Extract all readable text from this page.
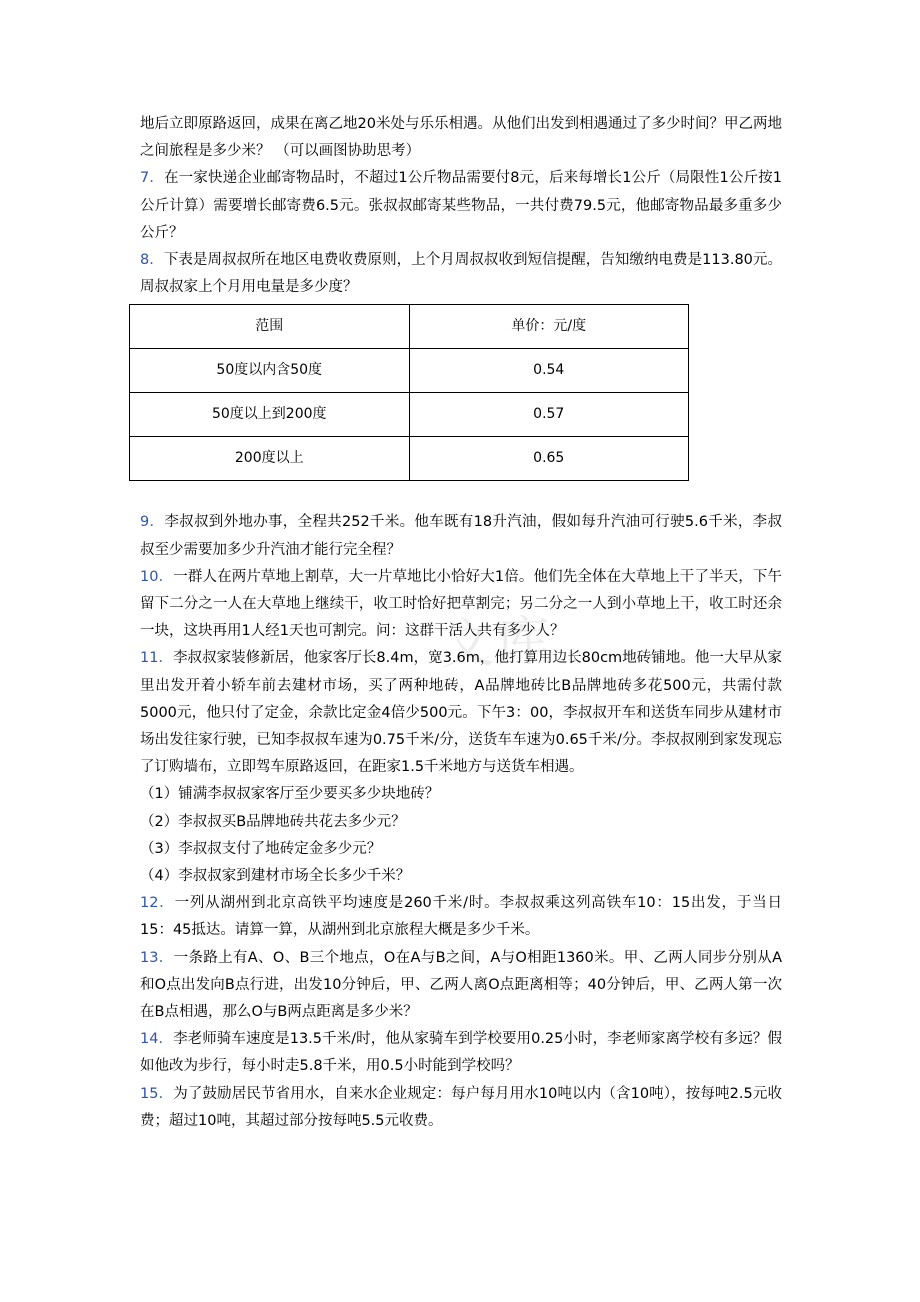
文库

地后立即原路返回，成果在离乙地20米处与乐乐相遇。从他们出发到相遇通过了多少时间？甲乙两地之间旅程是多少米？ （可以画图协助思考）

7．在一家快递企业邮寄物品时，不超过1公斤物品需要付8元，后来每增长1公斤（局限性1公斤按1公斤计算）需要增长邮寄费6.5元。张叔叔邮寄某些物品，一共付费79.5元，他邮寄物品最多重多少公斤？

8．下表是周叔叔所在地区电费收费原则，上个月周叔叔收到短信提醒，告知缴纳电费是113.80元。周叔叔家上个月用电量是多少度？

范围	单价：元/度
50度以内含50度	0.54
50度以上到200度	0.57
200度以上	0.65

9．李叔叔到外地办事，全程共252千米。他车既有18升汽油，假如每升汽油可行驶5.6千米，李叔叔至少需要加多少升汽油才能行完全程？

10．一群人在两片草地上割草，大一片草地比小恰好大1倍。他们先全体在大草地上干了半天，下午留下二分之一人在大草地上继续干，收工时恰好把草割完；另二分之一人到小草地上干，收工时还余一块，这块再用1人经1天也可割完。问：这群干活人共有多少人？

11．李叔叔家装修新居，他家客厅长8.4m，宽3.6m，他打算用边长80cm地砖铺地。他一大早从家里出发开着小轿车前去建材市场，买了两种地砖，A品牌地砖比B品牌地砖多花500元，共需付款5000元，他只付了定金，余款比定金4倍少500元。下午3：00，李叔叔开车和送货车同步从建材市场出发往家行驶，已知李叔叔车速为0.75千米/分，送货车车速为0.65千米/分。李叔叔刚到家发现忘了订购墙布，立即驾车原路返回，在距家1.5千米地方与送货车相遇。

（1）铺满李叔叔家客厅至少要买多少块地砖？

（2）李叔叔买B品牌地砖共花去多少元？

（3）李叔叔支付了地砖定金多少元？

（4）李叔叔家到建材市场全长多少千米？

12．一列从湖州到北京高铁平均速度是260千米/时。李叔叔乘这列高铁车10：15出发，于当日15：45抵达。请算一算，从湖州到北京旅程大概是多少千米。

13．一条路上有A、O、B三个地点，O在A与B之间，A与O相距1360米。甲、乙两人同步分别从A和O点出发向B点行进，出发10分钟后，甲、乙两人离O点距离相等；40分钟后，甲、乙两人第一次在B点相遇，那么O与B两点距离是多少米？

14．李老师骑车速度是13.5千米/时，他从家骑车到学校要用0.25小时，李老师家离学校有多远？假如他改为步行，每小时走5.8千米，用0.5小时能到学校吗？

15．为了鼓励居民节省用水，自来水企业规定：每户每月用水10吨以内（含10吨），按每吨2.5元收费；超过10吨，其超过部分按每吨5.5元收费。
